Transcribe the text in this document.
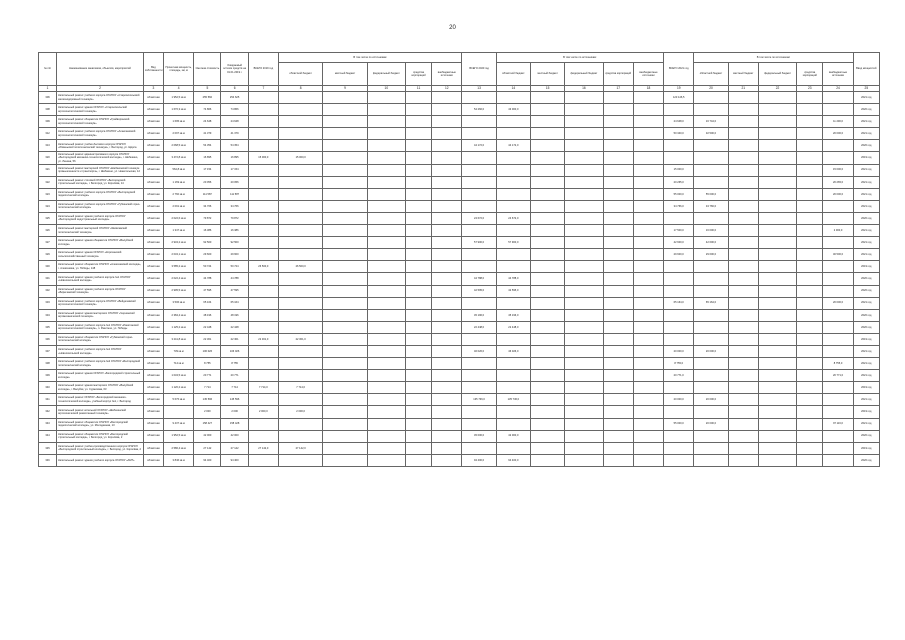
20
№ п/п	Наименование заказчиков, объектов, мероприятий	Вид собственности	Проектная мощность, площадь, км, м	Сметная стоимость	Ожидаемый остаток средств на 01.01.2019 г.	ВСЕГО 2019 год	В том числе по источникам:					ВСЕГО 2020 год	В том числе по источникам:					ВСЕГО 2021 год	В том числе по источникам:					Ввод мощностей
							областной бюджет	местный бюджет	федеральный бюджет	средства корпораций	внебюджетные источники		областной бюджет	местный бюджет	федеральный бюджет	средства корпораций	внебюджетные источники		областной бюджет	местный бюджет	федеральный бюджет	средства корпораций	внебюджетные источники	
1	2	3	4	5	6	7	8	9	10	11	12	13	14	15	16	17	18	19	20	21	22	23	24	25
306	Капитальный ремонт учебного корпуса ОГАПОУ «Старооскольский железнодорожный техникум»	областная	1 952,5 кв.м	255 560	254 625													123 146,5						2021 год
308	Капитальный ремонт здания ОГАПОУ «Старооскольский агротехнологический техникум»	областная	1 676,3 кв.м	74 866	74 866							54 266,0	43 000,0											2020 год
309	Капитальный ремонт общежития ОГАПОУ «Грайворонский агротехнологический техникум»	областная	1 695 кв.м	24 648	24 648													24 648,0	16 744,0				11 200,0	2021 год
312	Капитальный ремонт учебного корпуса ОГАПОУ «Алексеевский агротехнологический техникум»	областная	2 097 кв.м	41 379	41 379													50 340,0	32 500,0				20 000,0	2021 год
313	Капитальный ремонт учебно-бытового корпуса ОГАПОУ «Ровеньский политехнический техникум», г. Белгород, ул. Щорса	областная	2 068,5 кв.м	54 354	54 354							44 172,0	44 172,0											2020 год
320	Капитальный ремонт административного корпуса ОГАПОУ «Белгородский механико-технологический колледж», г. Шебекино, ул. Ленина, 56	областная	3 472,8 кв.м	16 895	16 895	15 000,0	15 000,0																	2019 год
321	Капитальный ремонт мастерской ОГАПОУ «Шебекинский техникум промышленности и транспорта», г. Шебекино, ул. Нежегольская, 12	областная	564,8 кв.м	17 154	17 154													15 000,0					15 000,0	2021 год
322	Капитальный ремонт столовой ОГАПОУ «Белгородский строительный колледж», г. Белгород, ул. Королёва, 14	областная	1 169 кв.м	20 056	20 056													20 265,0					20 265,0	2021 год
323	Капитальный ремонт учебного корпуса ОГАПОУ «Белгородский педагогический колледж»	областная	2 760 кв.м	111 587	111 587													55 000,0	55 000,0				20 000,0	2021 год
324	Капитальный ремонт учебного корпуса ОГАПОУ «Губкинский горно-политехнический колледж»	областная	2 091 кв.м	34 766	34 766													34 766,0	34 766,0					2021 год
325	Капитальный ремонт здания учебного корпуса ОГАПОУ «Белгородский индустриальный колледж»	областная	2 022,6 кв.м	79 872	79 872							24 672,0	24 672,0											2020 год
326	Капитальный ремонт мастерской ОГАПОУ «Яковлевский политехнический техникум»	областная	1 347 кв.м	16 386	16 386													17 500,0	16 000,0				2 000,0	2021 год
327	Капитальный ремонт здания общежития ОГАПОУ «Валуйский колледж»	областная	2 934,2 кв.м	92 500	92 500							57 900,0	57 900,0					42 600,0	42 600,0					2021 год
329	Капитальный ремонт здания ОГАПОУ «Корочанский сельскохозяйственный техникум»	областная	2 034,1 кв.м	29 600	29 600													29 600,0	29 600,0				46 500,0	2021 год
330	Капитальный ремонт общежития ОГАПОУ «Алексеевский колледж», г. Алексеевка, ул. Победы, 148	областная	3 585,2 кв.м	50 724	50 724	26 500,0	26 500,0																	2019 год
331	Капитальный ремонт здания учебного корпуса №1 ОГАПОУ «Новооскольский колледж»	областная	2 022,4 кв.м	44 788	44 788							44 788,0	44 788,0											2020 год
332	Капитальный ремонт здания учебного корпуса ОГАПОУ «Бирючанский техникум»	областная	2 995,5 кв.м	47 595	47 595							42 595,0	42 595,0											2020 год
333	Капитальный ремонт учебного корпуса ОГАПОУ «Вейделевский агротехнологический техникум»	областная	3 506 кв.м	65 164	65 164													65 164,0	65 164,0				20 000,0	2021 год
334	Капитальный ремонт здания мастерских ОГАПОУ «Чернянский агромеханический техникум»	областная	2 384,4 кв.м	48 196	48 196							45 196,0	45 196,0											2020 год
335	Капитальный ремонт учебного корпуса №1 ОГАПОУ «Ракитянский агротехнологический техникум», п. Ракитное, ул. Победы	областная	1 125,2 кв.м	22 448	22 448							22 448,0	22 448,0											2020 год
336	Капитальный ремонт общежития ОГАПОУ «Губкинский горно-политехнический колледж»	областная	3 241,8 кв.м	22 301	22 301	22 301,0	22 301,0																	2019 год
337	Капитальный ремонт учебного корпуса №1 ОГАПОУ «Новооскольский колледж»	областная	739 кв.м	106 026	106 026							46 026,0	46 026,0					20 000,0	20 000,0					2021 год
338	Капитальный ремонт учебного корпуса №2 ОГАПОУ «Белгородский политехнический колледж»	областная	714 кв.м	8 755	8 755													8 755,0					8 755,0	2021 год
339	Капитальный ремонт здания ОГАПОУ «Белгородский строительный колледж»	областная	1 034,5 кв.м	20 771	20 771													20 771,0					20 771,0	2021 год
340	Капитальный ремонт здания мастерских ОГАПОУ «Валуйский колледж», г. Валуйки, ул. Суржикова, 63	областная	1 120,2 кв.м	7 714	7 714	7 714,0	7 714,0																	2019 год
341	Капитальный ремонт ОГАПОУ «Белгородский механико-технологический колледж», учебный корпус №1, г. Белгород	областная	5 676 кв.м	145 596	145 596							135 736,0	135 736,0					20 000,0	20 000,0					2021 год
342	Капитальный ремонт котельной ОГАПОУ «Шебекинский агротехнический ремесленный техникум»	областная		2 000	2 000	2 000,0	2 000,0																	2019 год
343	Капитальный ремонт общежития ОГАПОУ «Белгородский педагогический колледж», ул. Молодежная, 13	областная	9 437 кв.м	158 427	158 428													55 000,0	20 000,0				97 116,0	2021 год
344	Капитальный ремонт общежития ОГАПОУ «Белгородский строительный колледж», г. Белгород, ул. Королёва, 2	областная	1 952,5 кв.м	42 000	42 000							45 000,0	42 000,0											2020 год
345	Капитальный ремонт учебно-производственного корпуса ОГАПОУ «Белгородский строительный колледж», г. Белгород, ул. Королёва, 2	областная	2 586,4 кв.м	27 142	27 142	27 142,0	27 142,0																	2019 год
346	Капитальный ремонт здания учебного корпуса ОГАПОУ «АМТ»	областная	3 846 кв.м	94 400	94 400							94 400,0	94 400,0											2020 год
